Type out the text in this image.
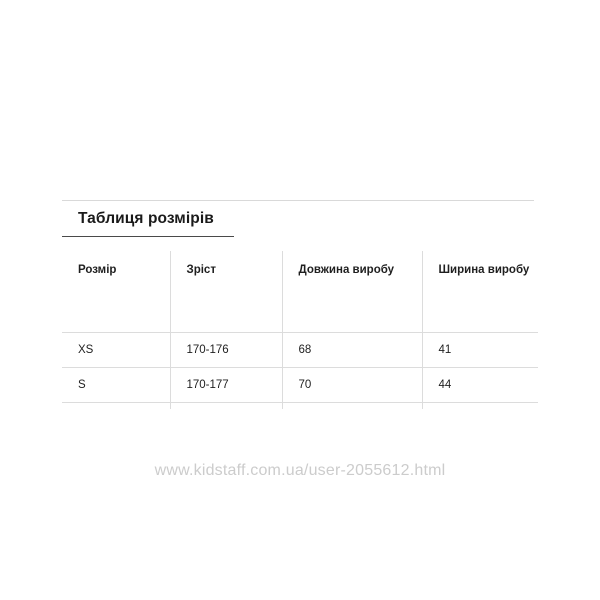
Таблиця розмірів
Розмір	Зріст	Довжина виробу	Ширина виробу
XS	170-176	68	41
S	170-177	70	44

www.kidstaff.com.ua/user-2055612.html
